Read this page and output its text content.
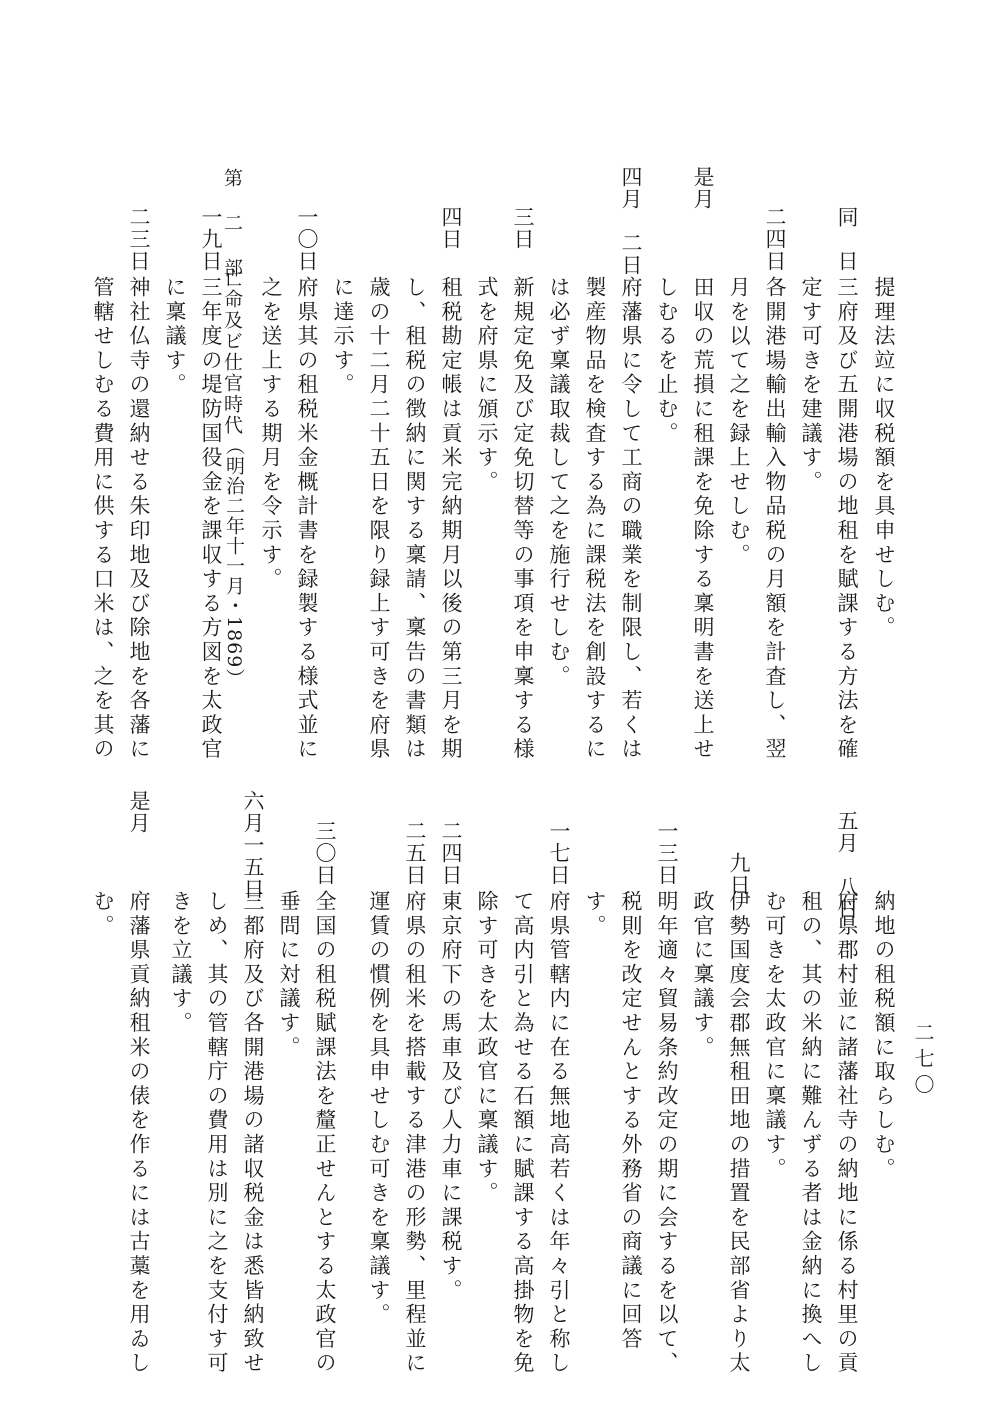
第 二 部
亡命及ビ仕官時代
（明治二年十一月・1869）
二七〇
提理法竝に収税額を具申せしむ。
同　日
三府及び五開港場の地租を賦課する方法を確
定す可きを建議す。
二四日
各開港場輸出輸入物品税の月額を計査し、翌
月を以て之を録上せしむ。
是月
田収の荒損に租課を免除する稟明書を送上せ
しむるを止む。
四月　二日
府藩県に令して工商の職業を制限し、若くは
製産物品を検査する為に課税法を創設するに
は必ず稟議取裁して之を施行せしむ。
三日
新規定免及び定免切替等の事項を申稟する様
式を府県に頒示す。
四日
租税勘定帳は貢米完納期月以後の第三月を期
し、租税の徴納に関する稟請、稟告の書類は
歳の十二月二十五日を限り録上す可きを府県
に達示す。
一〇日
府県其の租税米金概計書を録製する様式並に
之を送上する期月を令示す。
一九日
三年度の堤防国役金を課収する方図を太政官
に稟議す。
二三日
神社仏寺の還納せる朱印地及び除地を各藩に
管轄せしむる費用に供する口米は、之を其の
納地の租税額に取らしむ。
五月　八日
府県郡村並に諸藩社寺の納地に係る村里の貢
租の、其の米納に難んずる者は金納に換へし
む可きを太政官に稟議す。
九日
伊勢国度会郡無租田地の措置を民部省より太
政官に稟議す。
一三日
明年適々貿易条約改定の期に会するを以て、
税則を改定せんとする外務省の商議に回答
す。
一七日
府県管轄内に在る無地高若くは年々引と称し
て高内引と為せる石額に賦課する高掛物を免
除す可きを太政官に稟議す。
二四日
東京府下の馬車及び人力車に課税す。
二五日
府県の租米を搭載する津港の形勢、里程並に
運賃の慣例を具申せしむ可きを稟議す。
三〇日
全国の租税賦課法を釐正せんとする太政官の
垂問に対議す。
六月一五日
三都府及び各開港場の諸収税金は悉皆納致せ
しめ、其の管轄庁の費用は別に之を支付す可
きを立議す。
是月
府藩県貢納租米の俵を作るには古藁を用ゐし
む。
